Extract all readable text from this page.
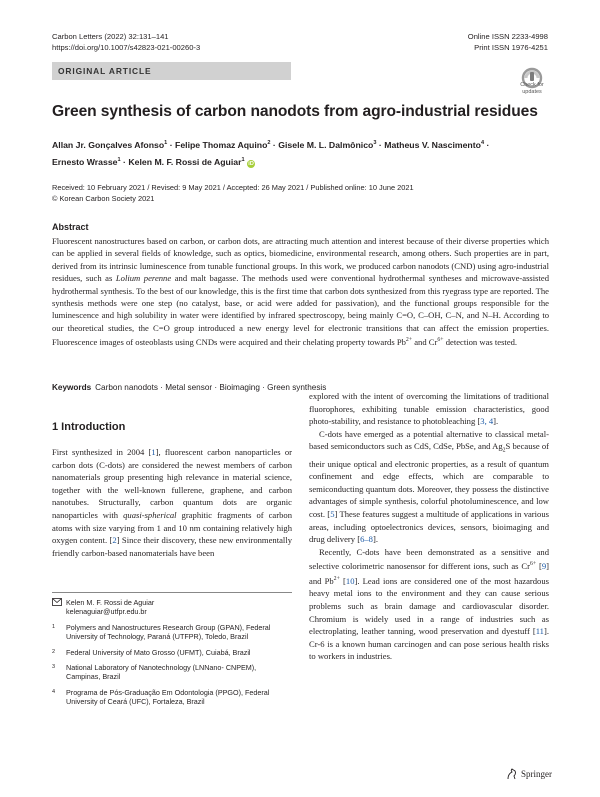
Carbon Letters (2022) 32:131–141
https://doi.org/10.1007/s42823-021-00260-3
Online ISSN 2233-4998
Print ISSN 1976-4251
ORIGINAL ARTICLE
Check for
updates
Green synthesis of carbon nanodots from agro-industrial residues
Allan Jr. Gonçalves Afonso$^1$ · Felipe Thomaz Aquino$^2$ · Gisele M. L. Dalmônico$^3$ · Matheus V. Nascimento$^4$ ·
Ernesto Wrasse$^1$ · Kelen M. F. Rossi de Aguiar$^1$ iD
Received: 10 February 2021 / Revised: 9 May 2021 / Accepted: 26 May 2021 / Published online: 10 June 2021
© Korean Carbon Society 2021
Abstract
Fluorescent nanostructures based on carbon, or carbon dots, are attracting much attention and interest because of their diverse properties which can be applied in several fields of knowledge, such as optics, biomedicine, environmental research, among others. Such properties are in part, derived from its intrinsic luminescence from tunable functional groups. In this work, we produced carbon nanodots (CND) using agro-industrial residues, such as Lolium perenne and malt bagasse. The methods used were conventional hydrothermal syntheses and microwave-assisted hydrothermal synthesis. To the best of our knowledge, this is the first time that carbon dots synthesized from this ryegrass type are reported. The synthesis methods were one step (no catalyst, base, or acid were added for passivation), and the functional groups responsible for the luminescence and high solubility in water were identified by infrared spectroscopy, being mainly C=O, C–OH, C–N, and N–H. According to our theoretical studies, the C=O group introduced a new energy level for electronic transitions that can affect the emission properties. Fluorescence images of osteoblasts using CNDs were acquired and their chelating property towards $Pb^{2+}$ and $Cr^{6+}$ detection was tested.
Keywords Carbon nanodots · Metal sensor · Bioimaging · Green synthesis
1 Introduction

First synthesized in 2004 [1], fluorescent carbon nanoparticles or carbon dots (C-dots) are considered the newest members of carbon nanomaterials group presenting high relevance in material science, together with the well-known fullerene, graphene, and carbon nanotubes. Structurally, carbon quantum dots are organic nanoparticles with quasi-spherical graphitic fragments of carbon atoms with size varying from 1 and 10 nm containing relatively high oxygen content. [2] Since their discovery, these new environmentally friendly carbon-based nanomaterials have been

explored with the intent of overcoming the limitations of traditional fluorophores, exhibiting tunable emission characteristics, good photo-stability, and resistance to photobleaching [3, 4].

C-dots have emerged as a potential alternative to classical metal-based semiconductors such as CdS, CdSe, PbSe, and $Ag_2S$ because of their unique optical and electronic properties, as a result of quantum confinement and edge effects, which are comparable to semiconducting quantum dots. Moreover, they possess the distinctive advantages of simple synthesis, colorful photoluminescence, and low cost. [5] These features suggest a multitude of applications in various areas, including optoelectronics devices, sensors, bioimaging and drug delivery [6–8].

Recently, C-dots have been demonstrated as a sensitive and selective colorimetric nanosensor for different ions, such as $Cr^{6+}$ [9] and $Pb^{2+}$ [10]. Lead ions are considered one of the most hazardous heavy metal ions to the environment and they can cause serious problems such as brain damage and cardiovascular disorder. Chromium is widely used in a range of industries such as electroplating, leather tanning, wood preservation and dyestuff [11]. Cr-6 is a known human carcinogen and can pose serious health risks to workers in industries.

Kelen M. F. Rossi de Aguiar
kelenaguiar@utfpr.edu.br
1	Polymers and Nanostructures Research Group (GPAN), Federal University of Technology, Paraná (UTFPR), Toledo, Brazil
2	Federal University of Mato Grosso (UFMT), Cuiabá, Brazil
3	National Laboratory of Nanotechnology (LNNano- CNPEM), Campinas, Brazil
4	Programa de Pós-Graduação Em Odontologia (PPGO), Federal University of Ceará (UFC), Fortaleza, Brazil
Springer
